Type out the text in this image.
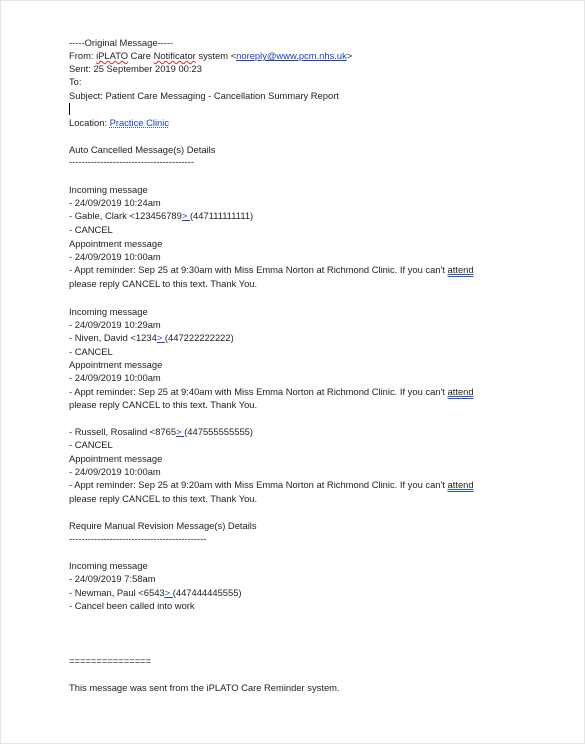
-----Original Message-----
From: iPLATO Care Notificator system <noreply@www.pcm.nhs.uk>
Sent: 25 September 2019 00:23
To:
Subject: Patient Care Messaging - Cancellation Summary Report
Location: Practice Clinic
Auto Cancelled Message(s) Details
----------------------------------------
Incoming message
- 24/09/2019 10:24am
- Gable, Clark <123456789> (447111111111)
- CANCEL
Appointment message
- 24/09/2019 10:00am
- Appt reminder: Sep 25 at 9:30am with Miss Emma Norton at Richmond Clinic. If you can't attend
please reply CANCEL to this text. Thank You.
Incoming message
- 24/09/2019 10:29am
- Niven, David <1234> (447222222222)
- CANCEL
Appointment message
- 24/09/2019 10:00am
- Appt reminder: Sep 25 at 9:40am with Miss Emma Norton at Richmond Clinic. If you can't attend
please reply CANCEL to this text. Thank You.
- Russell, Rosalind <8765> (447555555555)
- CANCEL
Appointment message
- 24/09/2019 10:00am
- Appt reminder: Sep 25 at 9:20am with Miss Emma Norton at Richmond Clinic. If you can't attend
please reply CANCEL to this text. Thank You.
Require Manual Revision Message(s) Details
--------------------------------------------
Incoming message
- 24/09/2019 7:58am
- Newman, Paul <6543> (447444445555)
- Cancel been called into work
===============
This message was sent from the iPLATO Care Reminder system.
